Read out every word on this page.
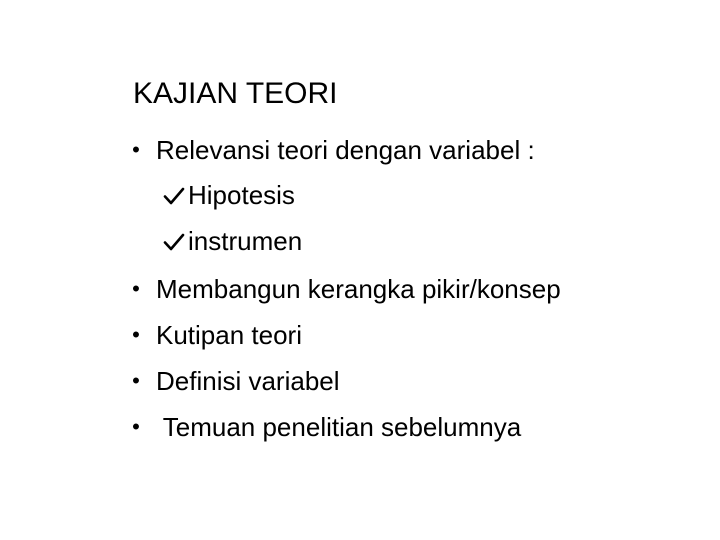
KAJIAN TEORI
• Relevansi teori dengan variabel :
Hipotesis
instrumen
• Membangun kerangka pikir/konsep
• Kutipan teori
• Definisi variabel
• Temuan penelitian sebelumnya
